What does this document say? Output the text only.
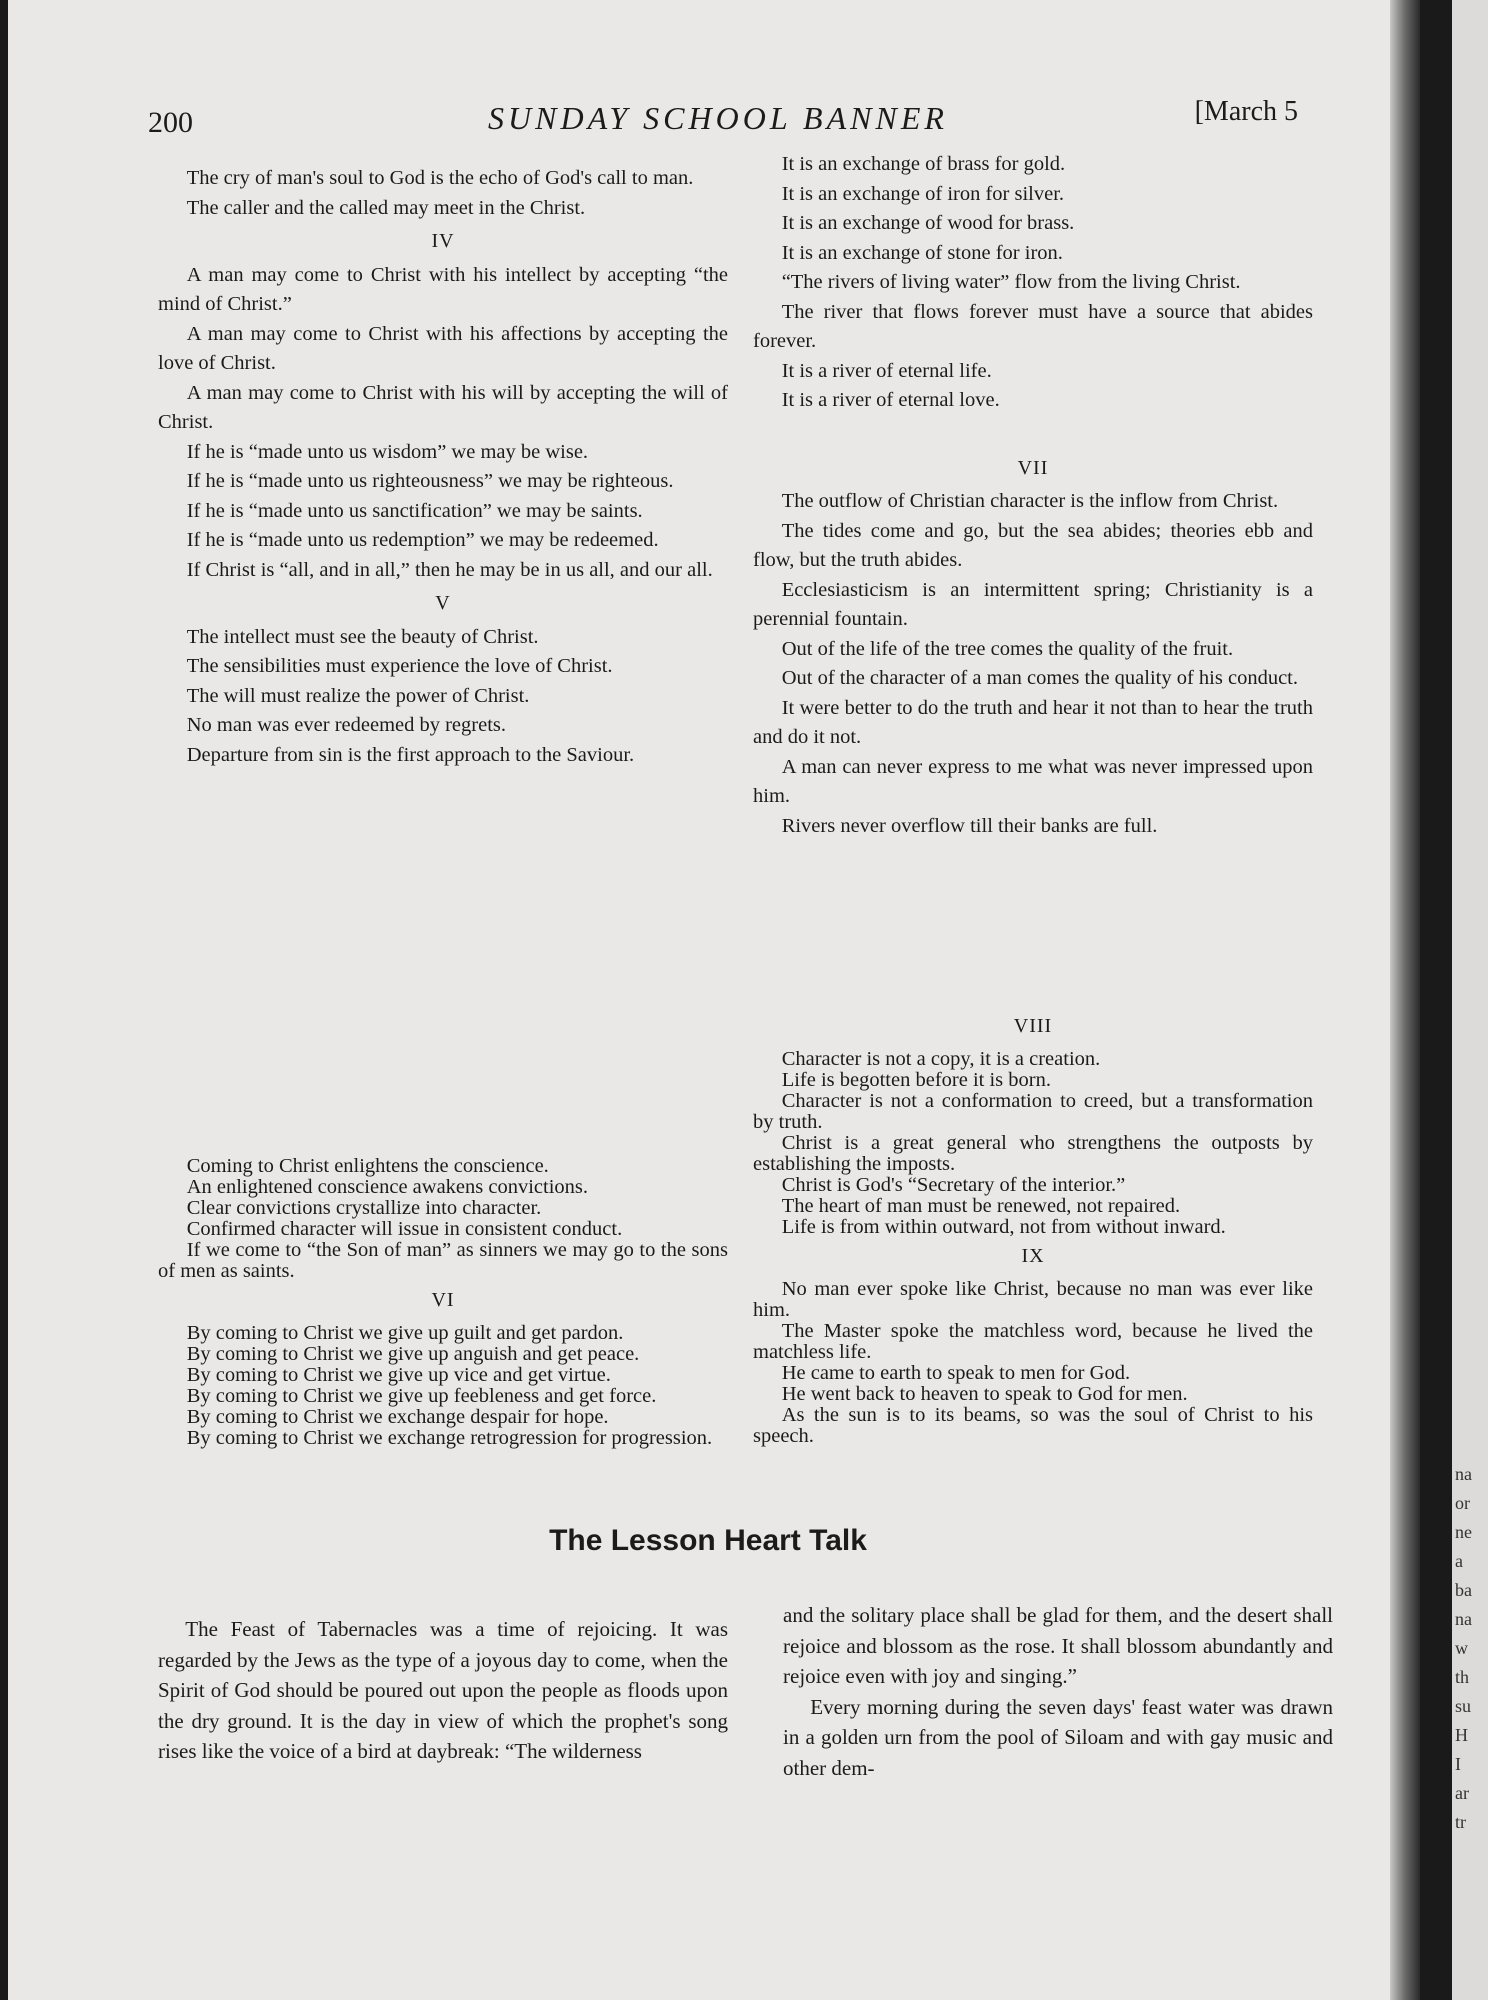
200	SUNDAY SCHOOL BANNER	[March 5

The cry of man's soul to God is the echo of God's call to man.

The caller and the called may meet in the Christ.

IV

A man may come to Christ with his intellect by accepting “the mind of Christ.”

A man may come to Christ with his affections by accepting the love of Christ.

A man may come to Christ with his will by accepting the will of Christ.

If he is “made unto us wisdom” we may be wise.

If he is “made unto us righteousness” we may be righteous.

If he is “made unto us sanctification” we may be saints.

If he is “made unto us redemption” we may be redeemed.

If Christ is “all, and in all,” then he may be in us all, and our all.

V

The intellect must see the beauty of Christ.

The sensibilities must experience the love of Christ.

The will must realize the power of Christ.

No man was ever redeemed by regrets.

Departure from sin is the first approach to the Saviour.

Coming to Christ enlightens the conscience.

An enlightened conscience awakens convictions.

Clear convictions crystallize into character.

Confirmed character will issue in consistent conduct.

If we come to “the Son of man” as sinners we may go to the sons of men as saints.

VI

By coming to Christ we give up guilt and get pardon.

By coming to Christ we give up anguish and get peace.

By coming to Christ we give up vice and get virtue.

By coming to Christ we give up feebleness and get force.

By coming to Christ we exchange despair for hope.

By coming to Christ we exchange retrogression for progression.

It is an exchange of brass for gold.

It is an exchange of iron for silver.

It is an exchange of wood for brass.

It is an exchange of stone for iron.

“The rivers of living water” flow from the living Christ.

The river that flows forever must have a source that abides forever.

It is a river of eternal life.

It is a river of eternal love.

VII

The outflow of Christian character is the inflow from Christ.

The tides come and go, but the sea abides; theories ebb and flow, but the truth abides.

Ecclesiasticism is an intermittent spring; Christianity is a perennial fountain.

Out of the life of the tree comes the quality of the fruit.

Out of the character of a man comes the quality of his conduct.

It were better to do the truth and hear it not than to hear the truth and do it not.

A man can never express to me what was never impressed upon him.

Rivers never overflow till their banks are full.

VIII

Character is not a copy, it is a creation.

Life is begotten before it is born.

Character is not a conformation to creed, but a transformation by truth.

Christ is a great general who strengthens the outposts by establishing the imposts.

Christ is God's “Secretary of the interior.”

The heart of man must be renewed, not repaired.

Life is from within outward, not from without inward.

IX

No man ever spoke like Christ, because no man was ever like him.

The Master spoke the matchless word, because he lived the matchless life.

He came to earth to speak to men for God.

He went back to heaven to speak to God for men.

As the sun is to its beams, so was the soul of Christ to his speech.

The Lesson Heart Talk

The Feast of Tabernacles was a time of rejoicing. It was regarded by the Jews as the type of a joyous day to come, when the Spirit of God should be poured out upon the people as floods upon the dry ground. It is the day in view of which the prophet's song rises like the voice of a bird at daybreak: “The wilderness

and the solitary place shall be glad for them, and the desert shall rejoice and blossom as the rose. It shall blossom abundantly and rejoice even with joy and singing.”

Every morning during the seven days' feast water was drawn in a golden urn from the pool of Siloam and with gay music and other dem-

na
or
ne
a
ba
na
w
th
su
H
I
ar
tr
